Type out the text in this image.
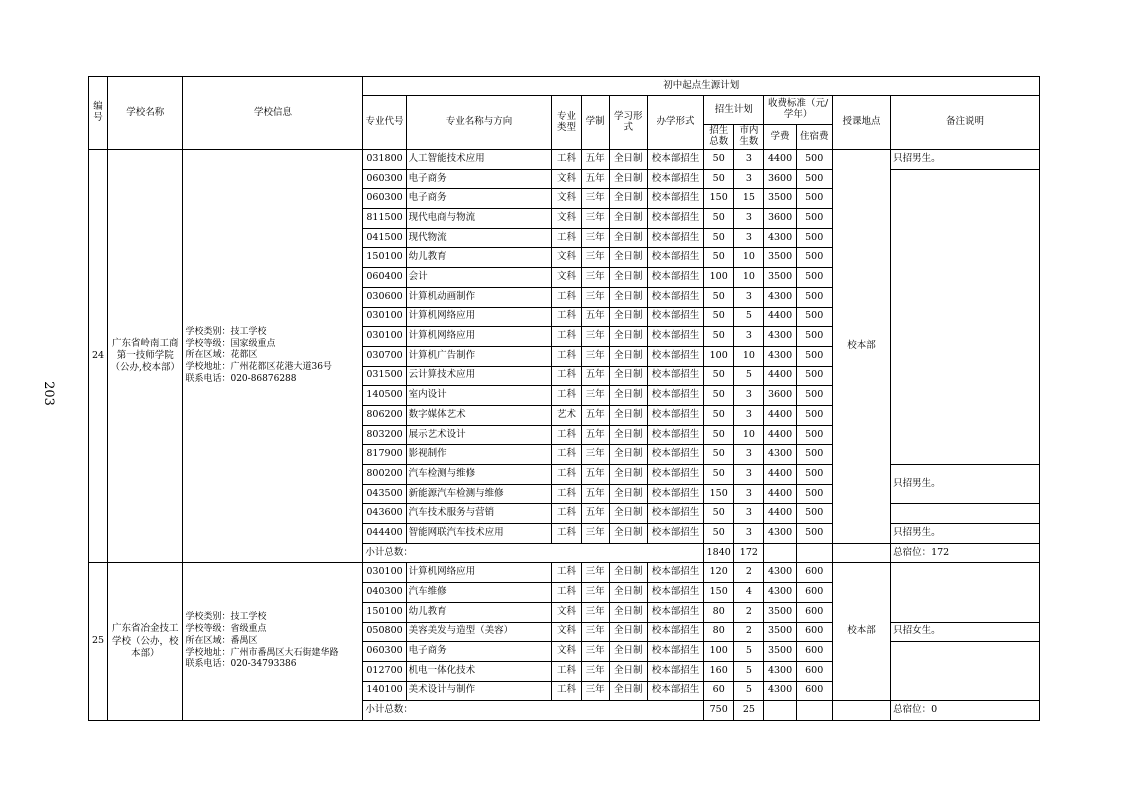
203
编号	学校名称	学校信息	初中起点生源计划											
			专业代号	专业名称与方向	专业类型	学制	学习形式	办学形式	招生计划		收费标准（元/学年）		授课地点	备注说明
									招生总数	市内生数	学费	住宿费		
24	广东省岭南工商第一技师学院（公办,校本部）	学校类别：技工学校
学校等级：国家级重点
所在区域：花都区
学校地址：广州花都区花港大道36号
联系电话：020-86876288	031800	人工智能技术应用	工科	五年	全日制	校本部招生	50	3	4400	500	校本部	只招男生。
			060300	电子商务	文科	五年	全日制	校本部招生	50	3	3600	500		
			060300	电子商务	文科	三年	全日制	校本部招生	150	15	3500	500		
			811500	现代电商与物流	文科	三年	全日制	校本部招生	50	3	3600	500		
			041500	现代物流	工科	三年	全日制	校本部招生	50	3	4300	500		
			150100	幼儿教育	文科	三年	全日制	校本部招生	50	10	3500	500		
			060400	会计	文科	三年	全日制	校本部招生	100	10	3500	500		
			030600	计算机动画制作	工科	三年	全日制	校本部招生	50	3	4300	500		
			030100	计算机网络应用	工科	五年	全日制	校本部招生	50	5	4400	500		
			030100	计算机网络应用	工科	三年	全日制	校本部招生	50	3	4300	500		
			030700	计算机广告制作	工科	三年	全日制	校本部招生	100	10	4300	500		
			031500	云计算技术应用	工科	五年	全日制	校本部招生	50	5	4400	500		
			140500	室内设计	工科	三年	全日制	校本部招生	50	3	3600	500		
			806200	数字媒体艺术	艺术	五年	全日制	校本部招生	50	3	4400	500		
			803200	展示艺术设计	工科	五年	全日制	校本部招生	50	10	4400	500		
			817900	影视制作	工科	三年	全日制	校本部招生	50	3	4300	500		
			800200	汽车检测与维修	工科	五年	全日制	校本部招生	50	3	4400	500		只招男生。
			043500	新能源汽车检测与维修	工科	五年	全日制	校本部招生	150	3	4400	500		
			043600	汽车技术服务与营销	工科	五年	全日制	校本部招生	50	3	4400	500		
			044400	智能网联汽车技术应用	工科	三年	全日制	校本部招生	50	3	4300	500		只招男生。
			小计总数：						1840	172				总宿位：172
25	广东省冶金技工学校（公办，校本部）	学校类别：技工学校
学校等级：省级重点
所在区域：番禺区
学校地址：广州市番禺区大石街建华路
联系电话：020-34793386	030100	计算机网络应用	工科	三年	全日制	校本部招生	120	2	4300	600	校本部	
			040300	汽车维修	工科	三年	全日制	校本部招生	150	4	4300	600		
			150100	幼儿教育	文科	三年	全日制	校本部招生	80	2	3500	600		
			050800	美容美发与造型（美容）	文科	三年	全日制	校本部招生	80	2	3500	600		只招女生。
			060300	电子商务	文科	三年	全日制	校本部招生	100	5	3500	600		
			012700	机电一体化技术	工科	三年	全日制	校本部招生	160	5	4300	600		
			140100	美术设计与制作	工科	三年	全日制	校本部招生	60	5	4300	600		
			小计总数：						750	25				总宿位：0
